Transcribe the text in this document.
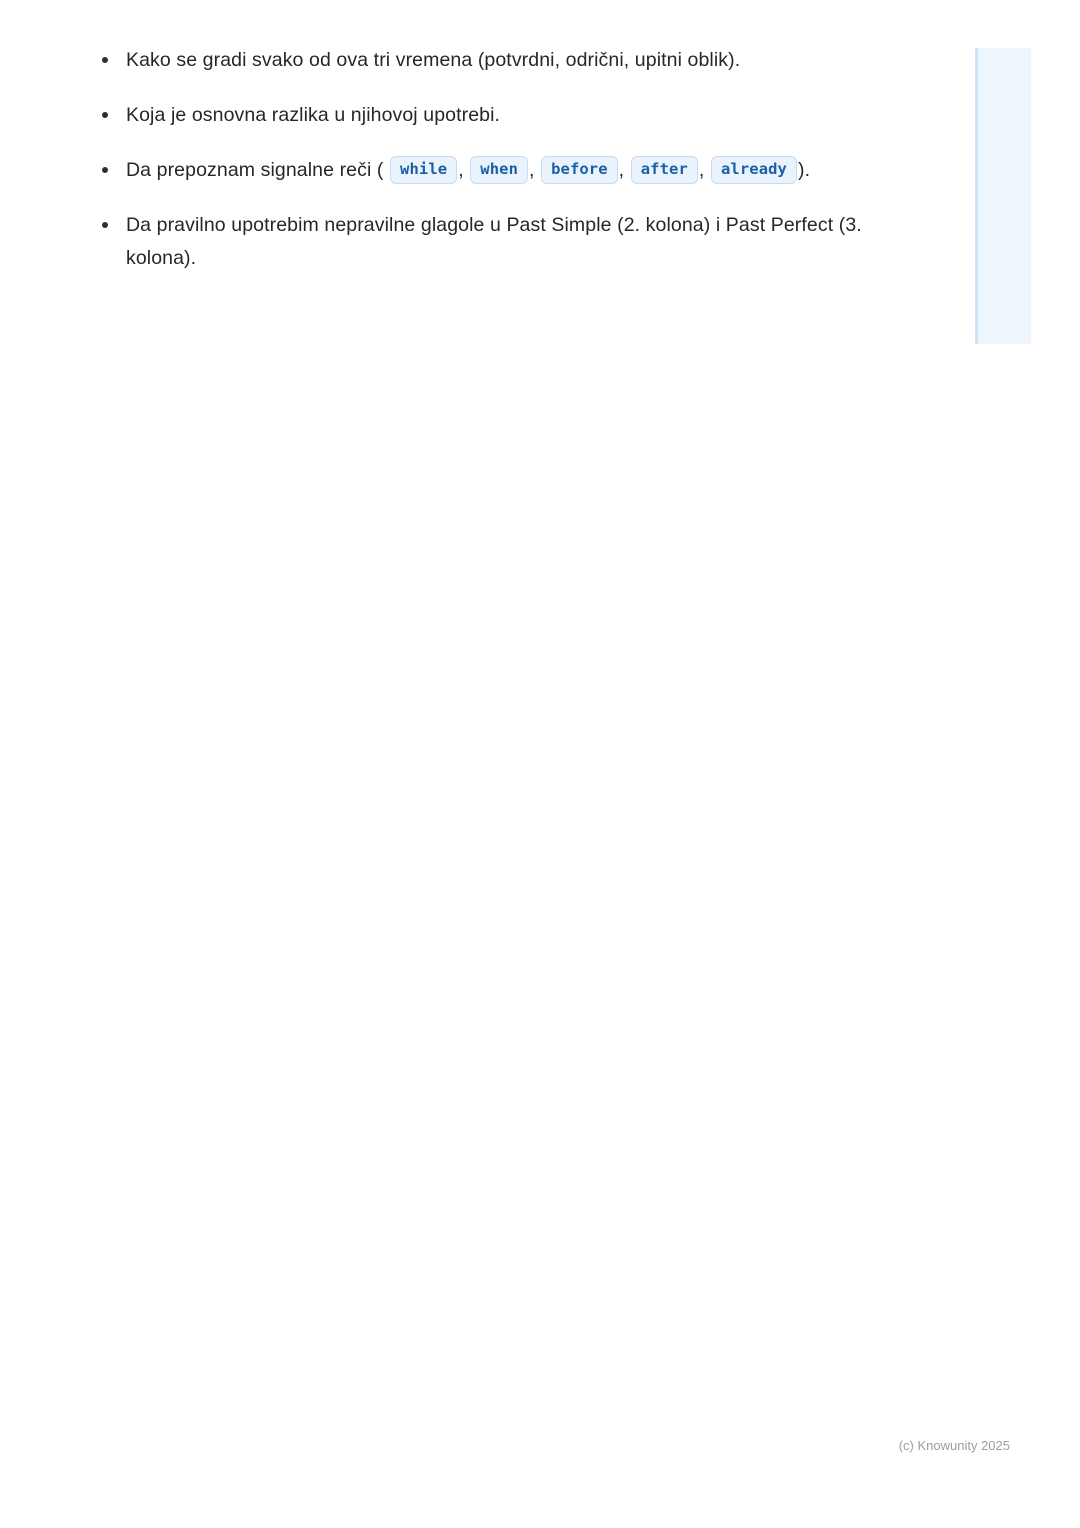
Kako se gradi svako od ova tri vremena (potvrdni, odrični, upitni oblik).
Koja je osnovna razlika u njihovoj upotrebi.
Da prepoznam signalne reči ( while , when , before , after , already ).
Da pravilno upotrebim nepravilne glagole u Past Simple (2. kolona) i Past Perfect (3. kolona).
(c) Knowunity 2025
